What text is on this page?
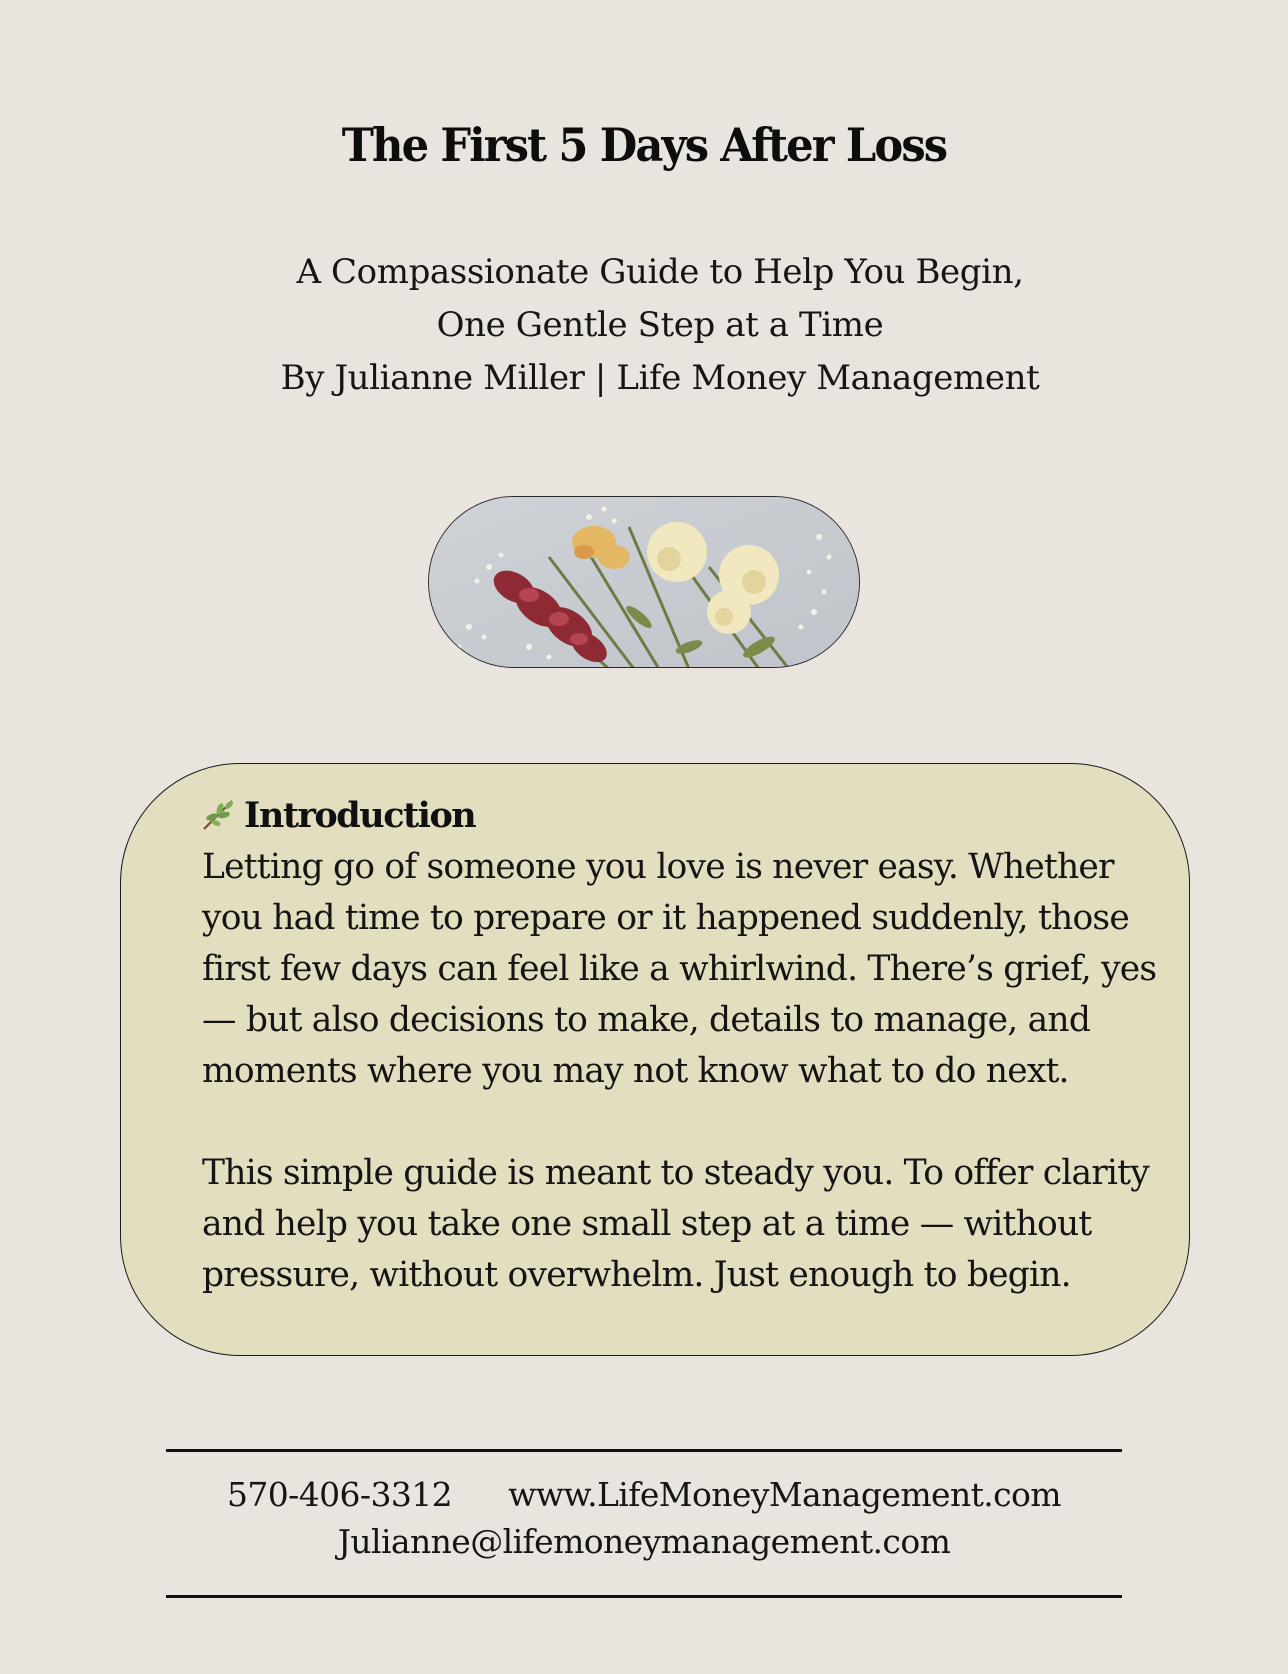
The First 5 Days After Loss
A Compassionate Guide to Help You Begin,
One Gentle Step at a Time
By Julianne Miller | Life Money Management
Introduction

Letting go of someone you love is never easy. Whether
you had time to prepare or it happened suddenly, those
first few days can feel like a whirlwind. There’s grief, yes
— but also decisions to make, details to manage, and
moments where you may not know what to do next.

This simple guide is meant to steady you. To offer clarity
and help you take one small step at a time — without
pressure, without overwhelm. Just enough to begin.

570-406-3312 www.LifeMoneyManagement.com
Julianne@lifemoneymanagement.com
